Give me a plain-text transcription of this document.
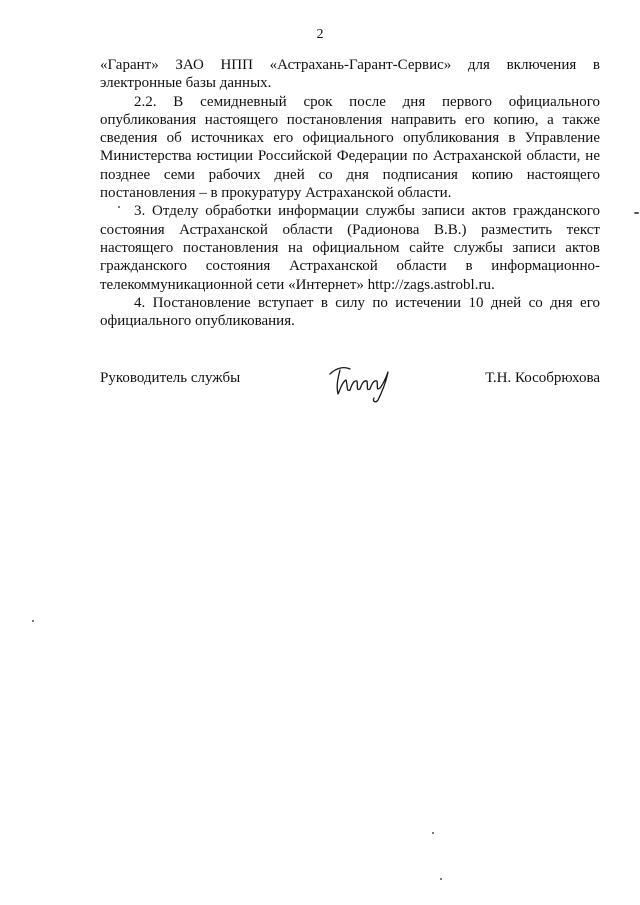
2

«Гарант» ЗАО НПП «Астрахань-Гарант-Сервис» для включения в электронные базы данных.

2.2. В семидневный срок после дня первого официального опубликования настоящего постановления направить его копию, а также сведения об источниках его официального опубликования в Управление Министерства юстиции Российской Федерации по Астраханской области, не позднее семи рабочих дней со дня подписания копию настоящего постановления – в прокуратуру Астраханской области.

3. Отделу обработки информации службы записи актов гражданского состояния Астраханской области (Радионова В.В.) разместить текст настоящего постановления на официальном сайте службы записи актов гражданского состояния Астраханской области в информационно-телекоммуникационной сети «Интернет» http://zags.astrobl.ru.

4. Постановление вступает в силу по истечении 10 дней со дня его официального опубликования.

Руководитель службы	Т.Н. Кособрюхова
